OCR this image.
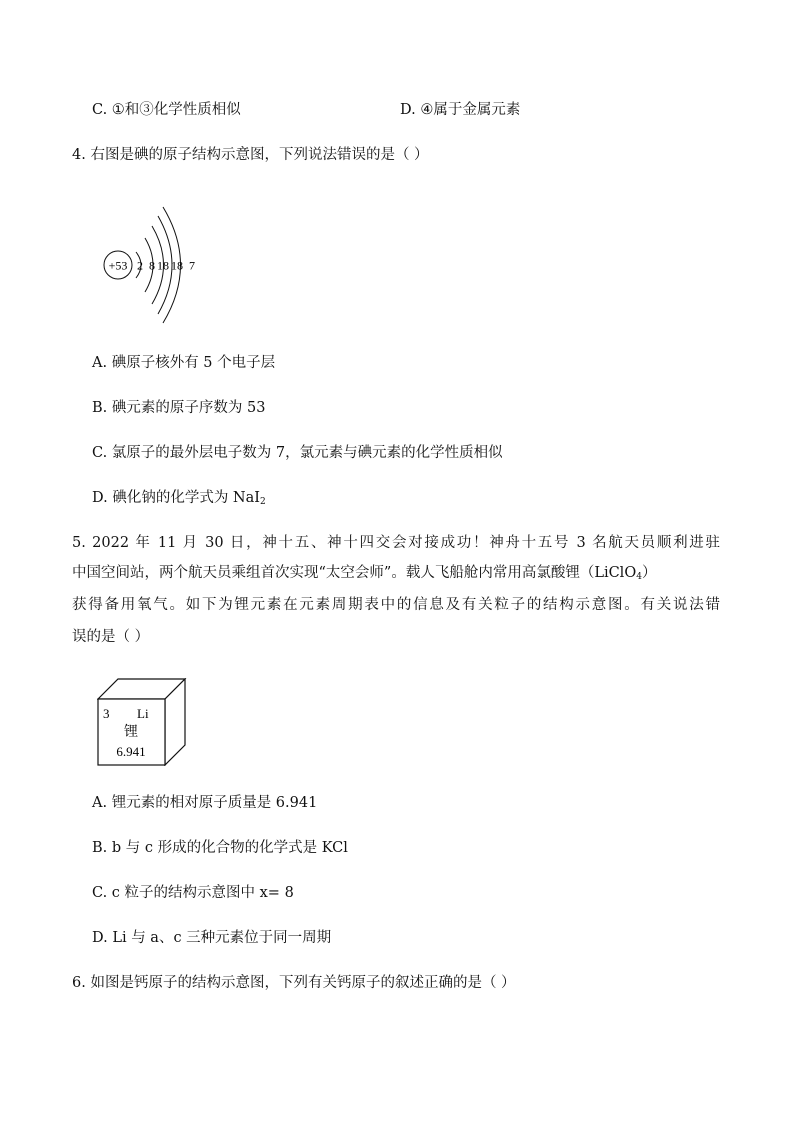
C. ①和③化学性质相似	D. ④属于金属元素
4. 右图是碘的原子结构示意图，下列说法错误的是（ ）
+53 2 8 18 18 7
A. 碘原子核外有 5 个电子层
B. 碘元素的原子序数为 53
C. 氯原子的最外层电子数为 7，氯元素与碘元素的化学性质相似
D. 碘化钠的化学式为 NaI$_2$
5. 2022 年 11 月 30 日，神十五、神十四交会对接成功！神舟十五号 3 名航天员顺利进驻
中国空间站，两个航天员乘组首次实现“太空会师”。载人飞船舱内常用高氯酸锂（LiClO$_4$）
获得备用氧气。如下为锂元素在元素周期表中的信息及有关粒子的结构示意图。有关说法错
误的是（ ）
3 Li
锂
6.941
A. 锂元素的相对原子质量是 6.941
B. b 与 c 形成的化合物的化学式是 KCl
C. c 粒子的结构示意图中 x= 8
D. Li 与 a、c 三种元素位于同一周期
6. 如图是钙原子的结构示意图，下列有关钙原子的叙述正确的是（ ）
